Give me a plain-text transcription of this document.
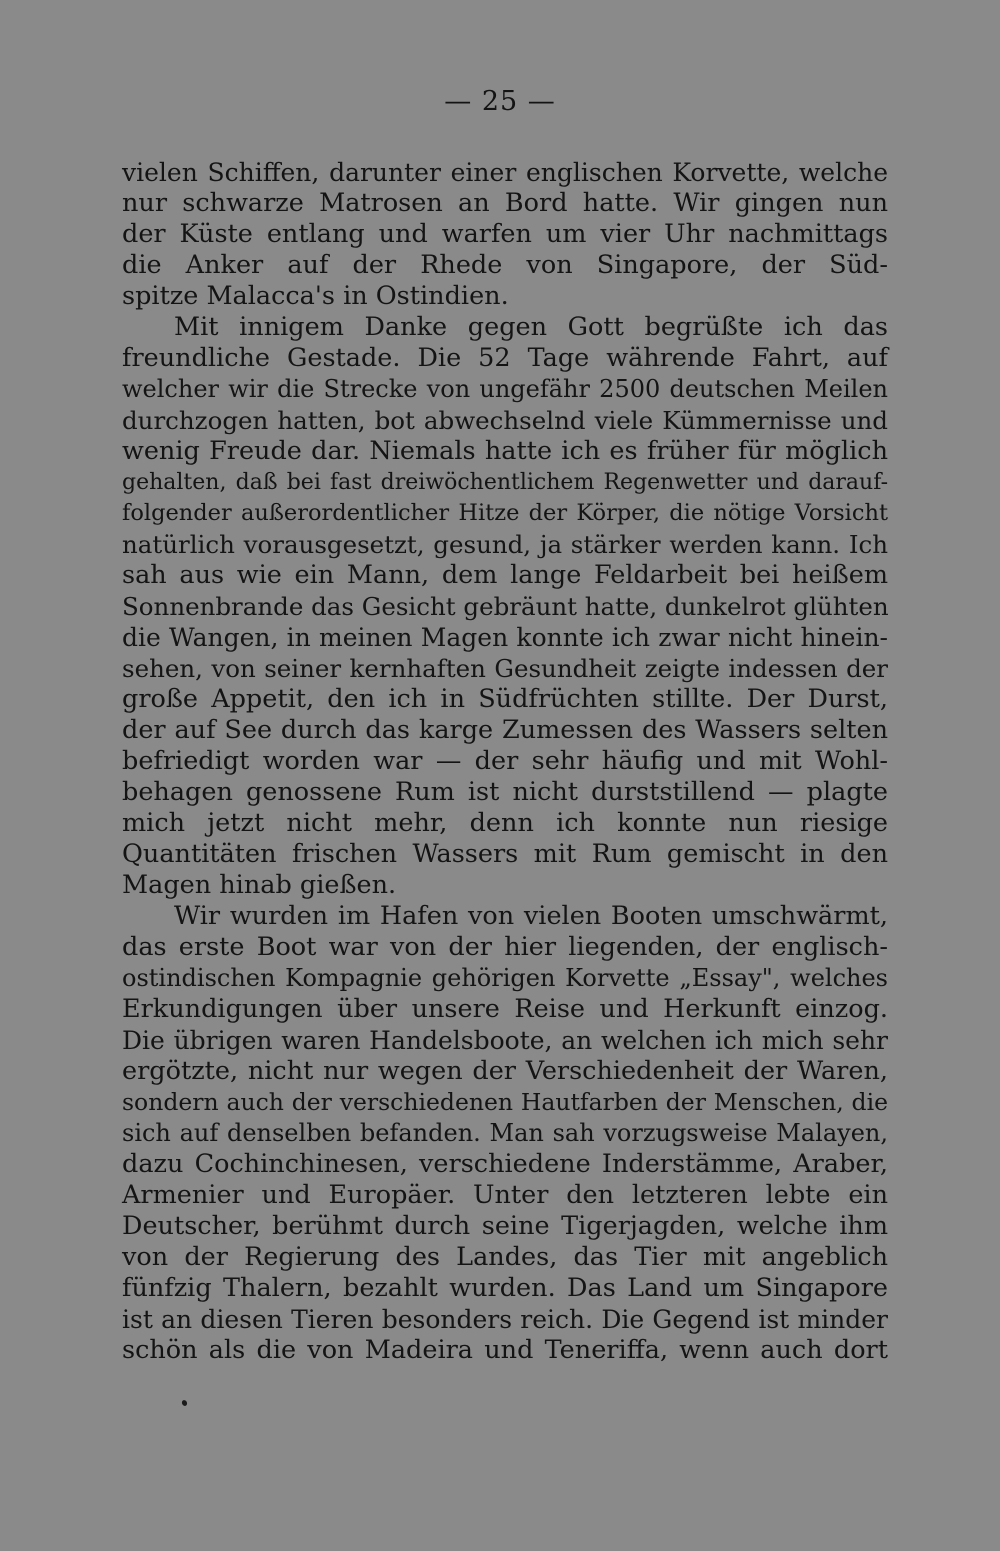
— 25 —
vielen Schiffen, darunter einer englischen Korvette, welche
nur schwarze Matrosen an Bord hatte. Wir gingen nun
der Küste entlang und warfen um vier Uhr nachmittags
die Anker auf der Rhede von Singapore, der Süd-
spitze Malacca's in Ostindien.
Mit innigem Danke gegen Gott begrüßte ich das
freundliche Gestade. Die 52 Tage währende Fahrt, auf
welcher wir die Strecke von ungefähr 2500 deutschen Meilen
durchzogen hatten, bot abwechselnd viele Kümmernisse und
wenig Freude dar. Niemals hatte ich es früher für möglich
gehalten, daß bei fast dreiwöchentlichem Regenwetter und darauf-
folgender außerordentlicher Hitze der Körper, die nötige Vorsicht
natürlich vorausgesetzt, gesund, ja stärker werden kann. Ich
sah aus wie ein Mann, dem lange Feldarbeit bei heißem
Sonnenbrande das Gesicht gebräunt hatte, dunkelrot glühten
die Wangen, in meinen Magen konnte ich zwar nicht hinein-
sehen, von seiner kernhaften Gesundheit zeigte indessen der
große Appetit, den ich in Südfrüchten stillte. Der Durst,
der auf See durch das karge Zumessen des Wassers selten
befriedigt worden war — der sehr häufig und mit Wohl-
behagen genossene Rum ist nicht durststillend — plagte
mich jetzt nicht mehr, denn ich konnte nun riesige
Quantitäten frischen Wassers mit Rum gemischt in den
Magen hinab gießen.
Wir wurden im Hafen von vielen Booten umschwärmt,
das erste Boot war von der hier liegenden, der englisch-
ostindischen Kompagnie gehörigen Korvette „Essay", welches
Erkundigungen über unsere Reise und Herkunft einzog.
Die übrigen waren Handelsboote, an welchen ich mich sehr
ergötzte, nicht nur wegen der Verschiedenheit der Waren,
sondern auch der verschiedenen Hautfarben der Menschen, die
sich auf denselben befanden. Man sah vorzugsweise Malayen,
dazu Cochinchinesen, verschiedene Inderstämme, Araber,
Armenier und Europäer. Unter den letzteren lebte ein
Deutscher, berühmt durch seine Tigerjagden, welche ihm
von der Regierung des Landes, das Tier mit angeblich
fünfzig Thalern, bezahlt wurden. Das Land um Singapore
ist an diesen Tieren besonders reich. Die Gegend ist minder
schön als die von Madeira und Teneriffa, wenn auch dort
